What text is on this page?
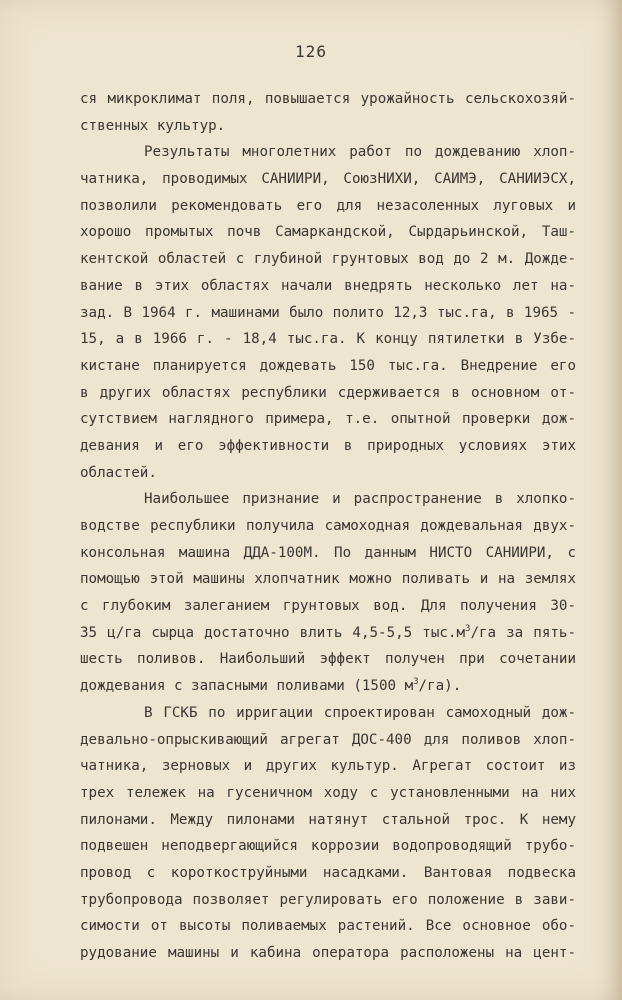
126
ся микроклимат поля, повышается урожайность сельскохозяй-
ственных культур.
Результаты многолетних работ по дождеванию хлоп-
чатника, проводимых САНИИРИ, СоюзНИХИ, САИМЭ, САНИИЭСХ,
позволили рекомендовать его для незасоленных луговых и
хорошо промытых почв Самаркандской, Сырдарьинской, Таш-
кентской областей с глубиной грунтовых вод до 2 м. Дожде-
вание в этих областях начали внедрять несколько лет на-
зад. В 1964 г. машинами было полито 12,3 тыс.га, в 1965 -
15, а в 1966 г. - 18,4 тыс.га. К концу пятилетки в Узбе-
кистане планируется дождевать 150 тыс.га. Внедрение его
в других областях республики сдерживается в основном от-
сутствием наглядного примера, т.е. опытной проверки дож-
девания и его эффективности в природных условиях этих
областей.
Наибольшее признание и распространение в хлопко-
водстве республики получила самоходная дождевальная двух-
консольная машина ДДА-100М. По данным НИСТО САНИИРИ, с
помощью этой машины хлопчатник можно поливать и на землях
с глубоким залеганием грунтовых вод. Для получения 30-
35 ц/га сырца достаточно влить 4,5-5,5 $тыс.м^3/га$ за пять-
шесть поливов. Наибольший эффект получен при сочетании
дождевания с запасными поливами (1500 $м^3/га$).
В ГСКБ по ирригации спроектирован самоходный дож-
девально-опрыскивающий агрегат ДОС-400 для поливов хлоп-
чатника, зерновых и других культур. Агрегат состоит из
трех тележек на гусеничном ходу с установленными на них
пилонами. Между пилонами натянут стальной трос. К нему
подвешен неподвергающийся коррозии водопроводящий трубо-
провод с короткоструйными насадками. Вантовая подвеска
трубопровода позволяет регулировать его положение в зави-
симости от высоты поливаемых растений. Все основное обо-
рудование машины и кабина оператора расположены на цент-
